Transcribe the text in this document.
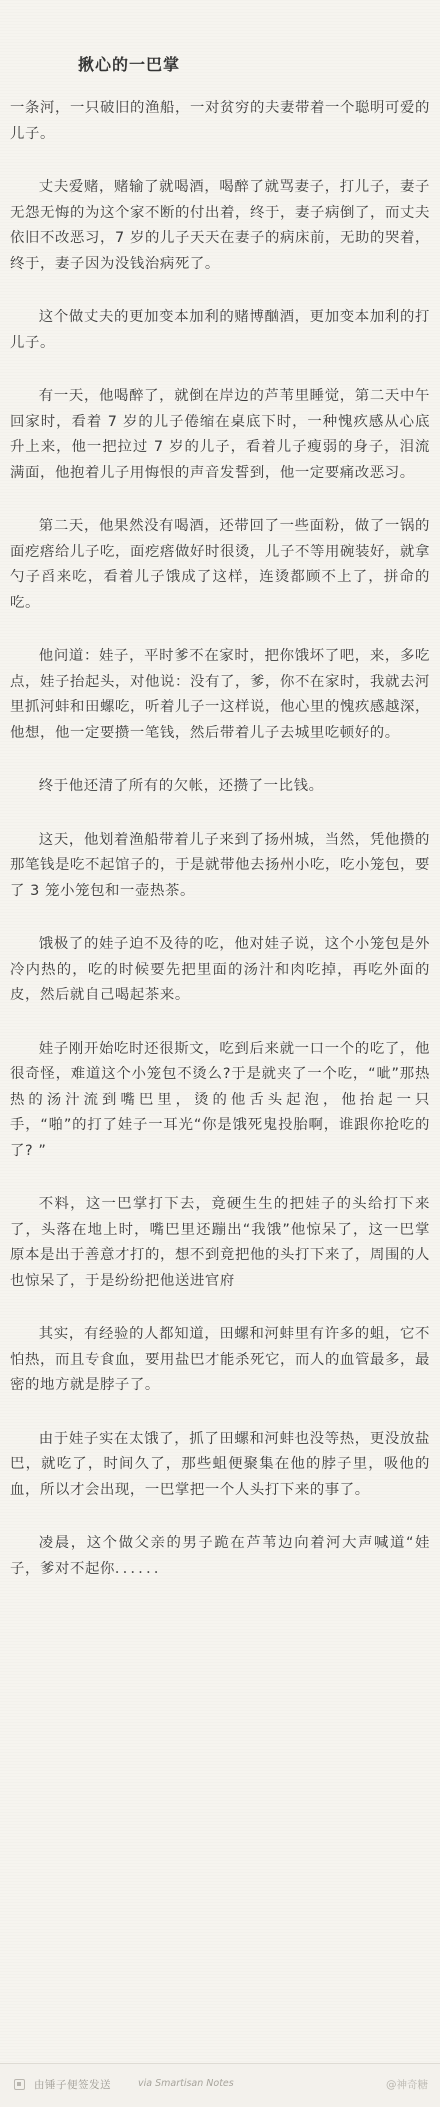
揪心的一巴掌

一条河，一只破旧的渔船，一对贫穷的夫妻带着一个聪明可爱的儿子。

丈夫爱赌，赌输了就喝酒，喝醉了就骂妻子，打儿子，妻子无怨无悔的为这个家不断的付出着，终于，妻子病倒了，而丈夫依旧不改恶习，7 岁的儿子天天在妻子的病床前，无助的哭着，终于，妻子因为没钱治病死了。

这个做丈夫的更加变本加利的赌博酗酒，更加变本加利的打儿子。

有一天，他喝醉了，就倒在岸边的芦苇里睡觉，第二天中午回家时，看着 7 岁的儿子倦缩在桌底下时，一种愧疚感从心底升上来，他一把拉过 7 岁的儿子，看着儿子瘦弱的身子，泪流满面，他抱着儿子用悔恨的声音发誓到，他一定要痛改恶习。

第二天，他果然没有喝酒，还带回了一些面粉，做了一锅的面疙瘩给儿子吃，面疙瘩做好时很烫，儿子不等用碗装好，就拿勺子舀来吃，看着儿子饿成了这样，连烫都顾不上了，拼命的吃。

他问道：娃子，平时爹不在家时，把你饿坏了吧，来，多吃点，娃子抬起头，对他说：没有了，爹，你不在家时，我就去河里抓河蚌和田螺吃，听着儿子一这样说，他心里的愧疚感越深，他想，他一定要攒一笔钱，然后带着儿子去城里吃顿好的。

终于他还清了所有的欠帐，还攒了一比钱。

这天，他划着渔船带着儿子来到了扬州城，当然，凭他攒的那笔钱是吃不起馆子的，于是就带他去扬州小吃，吃小笼包，要了 3 笼小笼包和一壶热茶。

饿极了的娃子迫不及待的吃，他对娃子说，这个小笼包是外冷内热的，吃的时候要先把里面的汤汁和肉吃掉，再吃外面的皮，然后就自己喝起茶来。

娃子刚开始吃时还很斯文，吃到后来就一口一个的吃了，他很奇怪，难道这个小笼包不烫么?于是就夹了一个吃，“呲”那热热的汤汁流到嘴巴里，烫的他舌头起泡，他抬起一只手，“啪”的打了娃子一耳光“你是饿死鬼投胎啊，谁跟你抢吃的了? ”

不料，这一巴掌打下去，竟硬生生的把娃子的头给打下来了，头落在地上时，嘴巴里还蹦出“我饿”他惊呆了，这一巴掌原本是出于善意才打的，想不到竟把他的头打下来了，周围的人也惊呆了，于是纷纷把他送进官府

其实，有经验的人都知道，田螺和河蚌里有许多的蛆，它不怕热，而且专食血，要用盐巴才能杀死它，而人的血管最多，最密的地方就是脖子了。

由于娃子实在太饿了，抓了田螺和河蚌也没等热，更没放盐巴，就吃了，时间久了，那些蛆便聚集在他的脖子里，吸他的血，所以才会出现，一巴掌把一个人头打下来的事了。

凌晨，这个做父亲的男子跪在芦苇边向着河大声喊道“娃子，爹对不起你．．．．．．

由锤子便签发送	via Smartisan Notes	@神奇糖
